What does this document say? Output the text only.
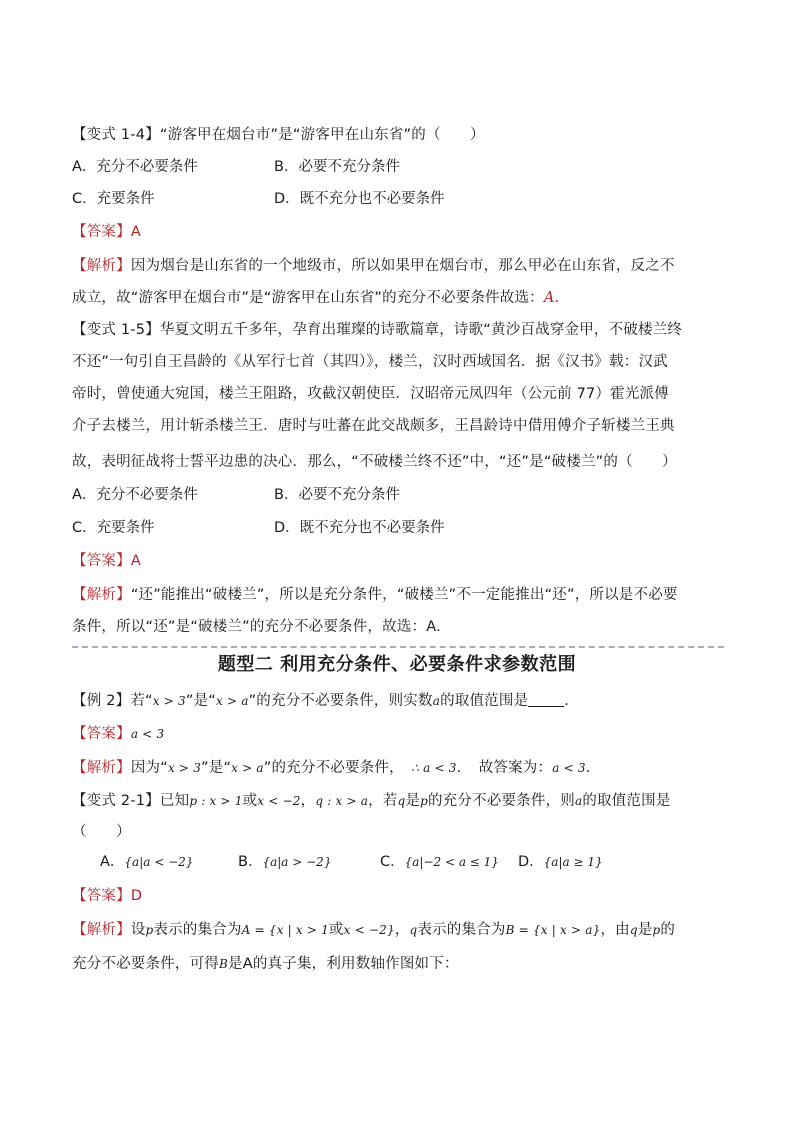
【变式 1-4】“游客甲在烟台市”是“游客甲在山东省”的（　　）
A．充分不必要条件	B．必要不充分条件
C．充要条件	D．既不充分也不必要条件
【答案】A
【解析】因为烟台是山东省的一个地级市，所以如果甲在烟台市，那么甲必在山东省，反之不
成立，故“游客甲在烟台市”是“游客甲在山东省”的充分不必要条件故选：A.
【变式 1-5】华夏文明五千多年，孕育出璀璨的诗歌篇章，诗歌“黄沙百战穿金甲，不破楼兰终
不还”一句引自王昌龄的《从军行七首（其四）》，楼兰，汉时西域国名．据《汉书》载：汉武
帝时，曾使通大宛国，楼兰王阻路，攻截汉朝使臣．汉昭帝元凤四年（公元前 77）霍光派傅
介子去楼兰，用计斩杀楼兰王．唐时与吐蕃在此交战颇多，王昌龄诗中借用傅介子斩楼兰王典
故，表明征战将士誓平边患的决心．那么，“不破楼兰终不还”中，“还”是“破楼兰”的（　　）
A．充分不必要条件	B．必要不充分条件
C．充要条件	D．既不充分也不必要条件
【答案】A
【解析】“还”能推出“破楼兰”，所以是充分条件，“破楼兰”不一定能推出“还”，所以是不必要
条件，所以“还”是“破楼兰”的充分不必要条件，故选：A.
题型二 利用充分条件、必要条件求参数范围
【例 2】若“x > 3”是“x > a”的充分不必要条件，则实数a的取值范围是 .
【答案】a < 3
【解析】因为“x > 3”是“x > a”的充分不必要条件，　∴ a < 3．　故答案为：a < 3．
【变式 2-1】已知p : x > 1或x < −2，q : x > a，若q是p的充分不必要条件，则a的取值范围是
（　　）
A．{a|a < −2}	B．{a|a > −2}	C．{a|−2 < a ≤ 1} D．{a|a ≥ 1}
【答案】D
【解析】设p表示的集合为A = {x | x > 1或x < −2}，q表示的集合为B = {x | x > a}，由q是p的
充分不必要条件，可得B是A的真子集，利用数轴作图如下：
